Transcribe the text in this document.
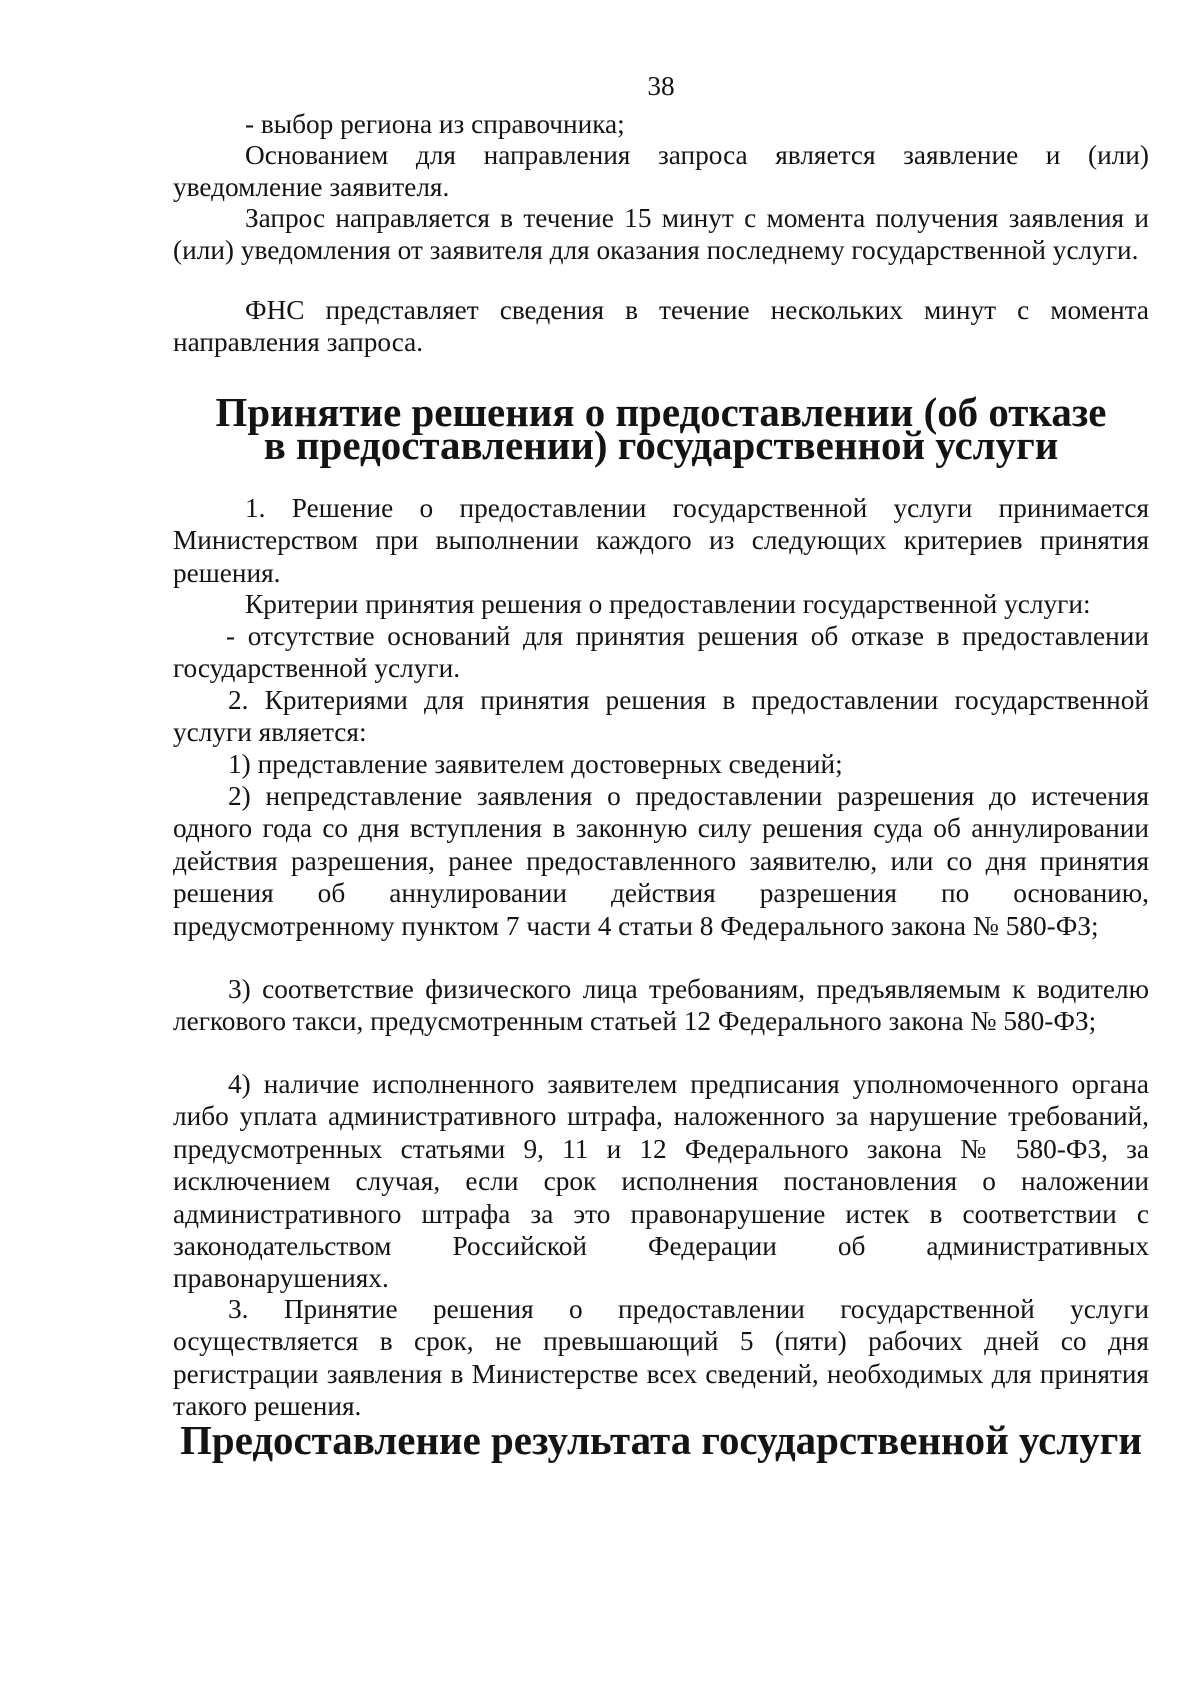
38

- выбор региона из справочника;

Основанием для направления запроса является заявление и (или) уведомление заявителя.

Запрос направляется в течение 15 минут с момента получения заявления и (или) уведомления от заявителя для оказания последнему государственной услуги.

ФНС представляет сведения в течение нескольких минут с момента направления запроса.

Принятие решения о предоставлении (об отказе
в предоставлении) государственной услуги

1. Решение о предоставлении государственной услуги принимается Министерством при выполнении каждого из следующих критериев принятия решения.

Критерии принятия решения о предоставлении государственной услуги:

- отсутствие оснований для принятия решения об отказе в предоставлении государственной услуги.

2. Критериями для принятия решения в предоставлении государственной услуги является:

1) представление заявителем достоверных сведений;

2) непредставление заявления о предоставлении разрешения до истечения одного года со дня вступления в законную силу решения суда об аннулировании действия разрешения, ранее предоставленного заявителю, или со дня принятия решения об аннулировании действия разрешения по основанию, предусмотренному пунктом 7 части 4 статьи 8 Федерального закона № 580-ФЗ;

3) соответствие физического лица требованиям, предъявляемым к водителю легкового такси, предусмотренным статьей 12 Федерального закона № 580-ФЗ;

4) наличие исполненного заявителем предписания уполномоченного органа либо уплата административного штрафа, наложенного за нарушение требований, предусмотренных статьями 9, 11 и 12 Федерального закона № 580-ФЗ, за исключением случая, если срок исполнения постановления о наложении административного штрафа за это правонарушение истек в соответствии с законодательством Российской Федерации об административных правонарушениях.

3. Принятие решения о предоставлении государственной услуги осуществляется в срок, не превышающий 5 (пяти) рабочих дней со дня регистрации заявления в Министерстве всех сведений, необходимых для принятия такого решения.

Предоставление результата государственной услуги
